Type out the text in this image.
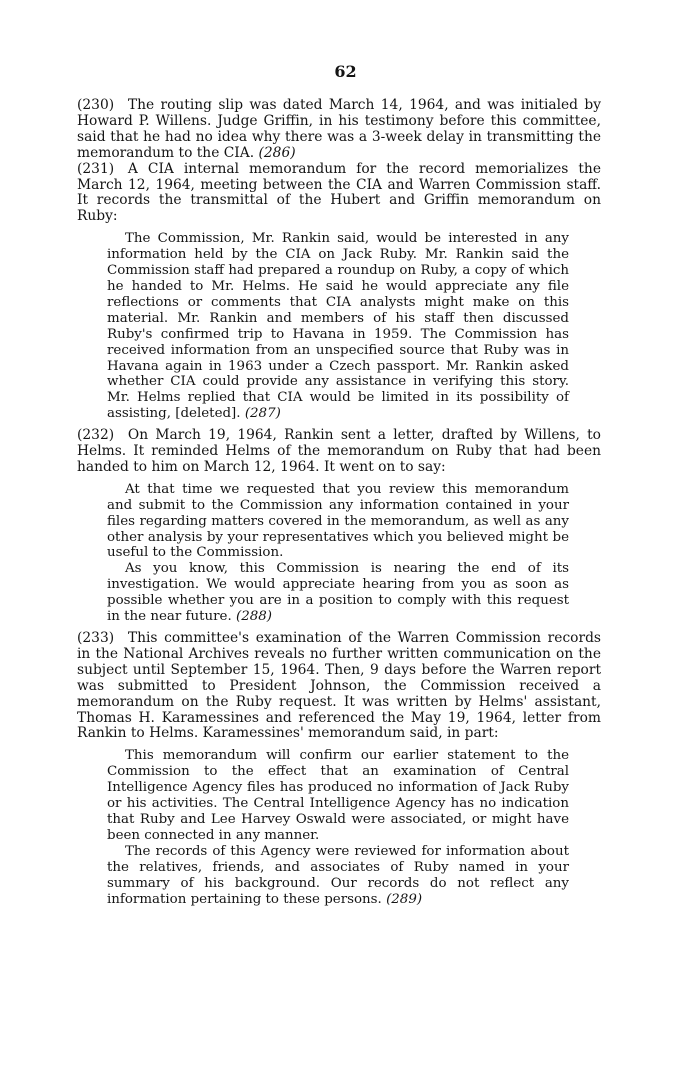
62

(230) The routing slip was dated March 14, 1964, and was initialed by Howard P. Willens. Judge Griffin, in his testimony before this committee, said that he had no idea why there was a 3-week delay in transmitting the memorandum to the CIA. (286)

(231) A CIA internal memorandum for the record memorializes the March 12, 1964, meeting between the CIA and Warren Commission staff. It records the transmittal of the Hubert and Griffin memorandum on Ruby:

The Commission, Mr. Rankin said, would be interested in any information held by the CIA on Jack Ruby. Mr. Rankin said the Commission staff had prepared a roundup on Ruby, a copy of which he handed to Mr. Helms. He said he would appreciate any file reflections or comments that CIA analysts might make on this material. Mr. Rankin and members of his staff then discussed Ruby's confirmed trip to Havana in 1959. The Commission has received information from an unspecified source that Ruby was in Havana again in 1963 under a Czech passport. Mr. Rankin asked whether CIA could provide any assistance in verifying this story. Mr. Helms replied that CIA would be limited in its possibility of assisting, [deleted]. (287)

(232) On March 19, 1964, Rankin sent a letter, drafted by Willens, to Helms. It reminded Helms of the memorandum on Ruby that had been handed to him on March 12, 1964. It went on to say:

At that time we requested that you review this memorandum and submit to the Commission any information contained in your files regarding matters covered in the memorandum, as well as any other analysis by your representatives which you believed might be useful to the Commission.

As you know, this Commission is nearing the end of its investigation. We would appreciate hearing from you as soon as possible whether you are in a position to comply with this request in the near future. (288)

(233) This committee's examination of the Warren Commission records in the National Archives reveals no further written communication on the subject until September 15, 1964. Then, 9 days before the Warren report was submitted to President Johnson, the Commission received a memorandum on the Ruby request. It was written by Helms' assistant, Thomas H. Karamessines and referenced the May 19, 1964, letter from Rankin to Helms. Karamessines' memorandum said, in part:

This memorandum will confirm our earlier statement to the Commission to the effect that an examination of Central Intelligence Agency files has produced no information of Jack Ruby or his activities. The Central Intelligence Agency has no indication that Ruby and Lee Harvey Oswald were associated, or might have been connected in any manner.

The records of this Agency were reviewed for information about the relatives, friends, and associates of Ruby named in your summary of his background. Our records do not reflect any information pertaining to these persons. (289)
